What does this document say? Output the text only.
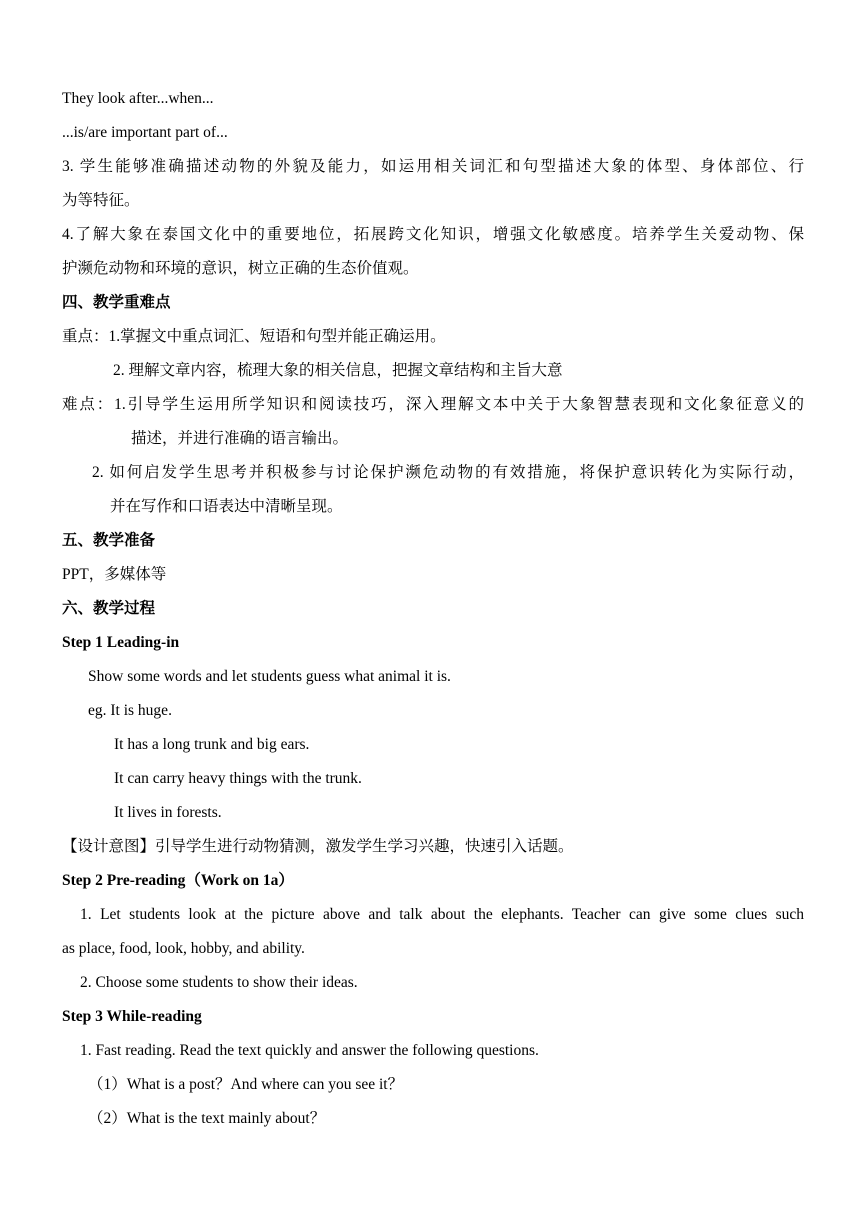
They look after...when...
...is/are important part of...
3. 学生能够准确描述动物的外貌及能力，如运用相关词汇和句型描述大象的体型、身体部位、行
为等特征。
4.了解大象在泰国文化中的重要地位，拓展跨文化知识，增强文化敏感度。培养学生关爱动物、保
护濒危动物和环境的意识，树立正确的生态价值观。
四、教学重难点
重点：1.掌握文中重点词汇、短语和句型并能正确运用。
2. 理解文章内容，梳理大象的相关信息，把握文章结构和主旨大意
难点：1.引导学生运用所学知识和阅读技巧，深入理解文本中关于大象智慧表现和文化象征意义的
描述，并进行准确的语言输出。
2. 如何启发学生思考并积极参与讨论保护濒危动物的有效措施，将保护意识转化为实际行动，
并在写作和口语表达中清晰呈现。
五、教学准备
PPT，多媒体等
六、教学过程
Step 1 Leading-in
Show some words and let students guess what animal it is.
eg. It is huge.
It has a long trunk and big ears.
It can carry heavy things with the trunk.
It lives in forests.
【设计意图】引导学生进行动物猜测，激发学生学习兴趣，快速引入话题。
Step 2 Pre-reading（Work on 1a）
1. Let students look at the picture above and talk about the elephants. Teacher can give some clues such
as place, food, look, hobby, and ability.
2. Choose some students to show their ideas.
Step 3 While-reading
1. Fast reading. Read the text quickly and answer the following questions.
（1）What is a post？And where can you see it？
（2）What is the text mainly about？
